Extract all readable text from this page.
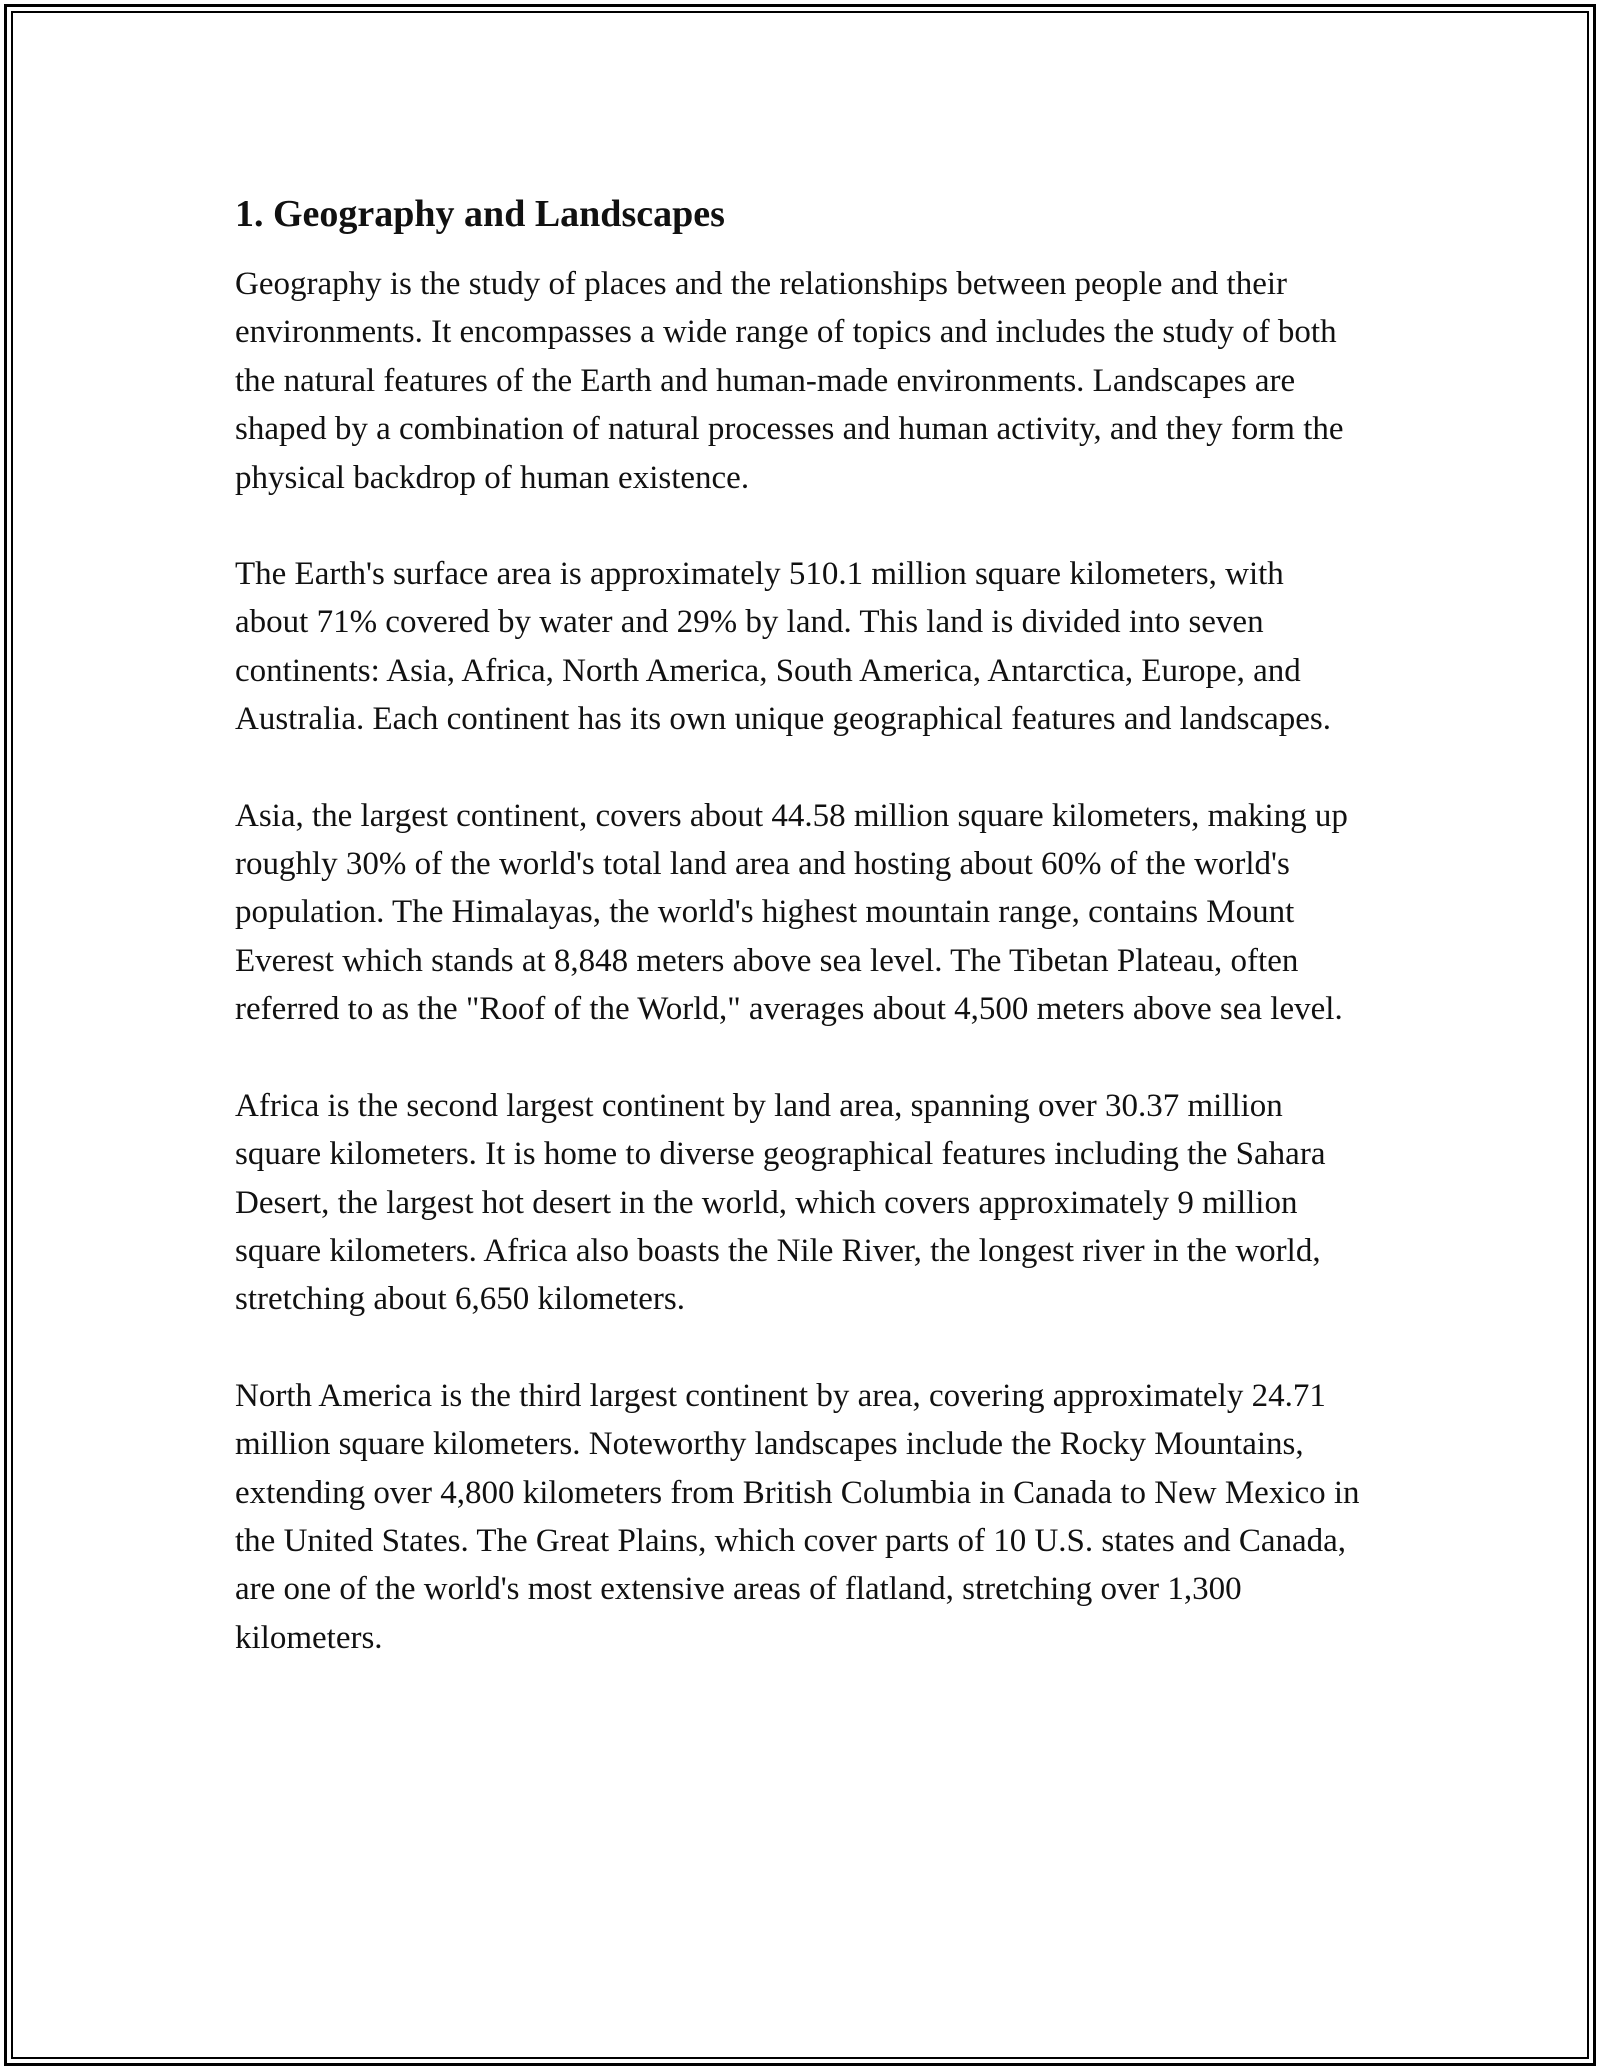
1. Geography and Landscapes

Geography is the study of places and the relationships between people and their environments. It encompasses a wide range of topics and includes the study of both the natural features of the Earth and human-made environments. Landscapes are shaped by a combination of natural processes and human activity, and they form the physical backdrop of human existence.

The Earth's surface area is approximately 510.1 million square kilometers, with about 71% covered by water and 29% by land. This land is divided into seven continents: Asia, Africa, North America, South America, Antarctica, Europe, and Australia. Each continent has its own unique geographical features and landscapes.

Asia, the largest continent, covers about 44.58 million square kilometers, making up roughly 30% of the world's total land area and hosting about 60% of the world's population. The Himalayas, the world's highest mountain range, contains Mount Everest which stands at 8,848 meters above sea level. The Tibetan Plateau, often referred to as the "Roof of the World," averages about 4,500 meters above sea level.

Africa is the second largest continent by land area, spanning over 30.37 million square kilometers. It is home to diverse geographical features including the Sahara Desert, the largest hot desert in the world, which covers approximately 9 million square kilometers. Africa also boasts the Nile River, the longest river in the world, stretching about 6,650 kilometers.

North America is the third largest continent by area, covering approximately 24.71 million square kilometers. Noteworthy landscapes include the Rocky Mountains, extending over 4,800 kilometers from British Columbia in Canada to New Mexico in the United States. The Great Plains, which cover parts of 10 U.S. states and Canada, are one of the world's most extensive areas of flatland, stretching over 1,300 kilometers.
